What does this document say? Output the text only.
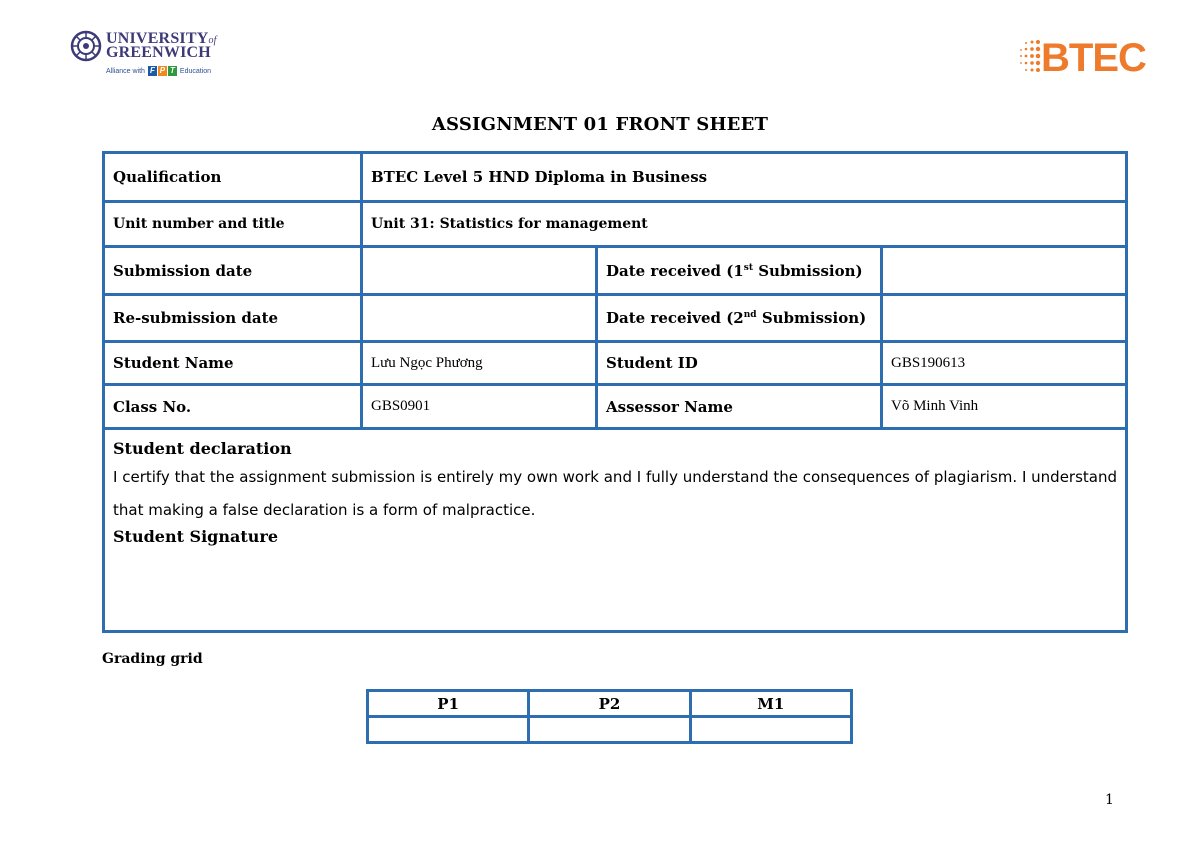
UNIVERSITYof
GREENWICH
Alliance with F P T Education	BTEC
ASSIGNMENT 01 FRONT SHEET
Qualification	BTEC Level 5 HND Diploma in Business		
Unit number and title	Unit 31: Statistics for management		
Submission date		Date received (1st Submission)	
Re-submission date		Date received (2nd Submission)	
Student Name	Lưu Ngọc Phương	Student ID	GBS190613
Class No.	GBS0901	Assessor Name	Võ Minh Vinh

Student declaration
I certify that the assignment submission is entirely my own work and I fully understand the consequences of plagiarism. I understand that making a false declaration is a form of malpractice.
Student Signature			
Grading grid
P1	P2	M1

1
